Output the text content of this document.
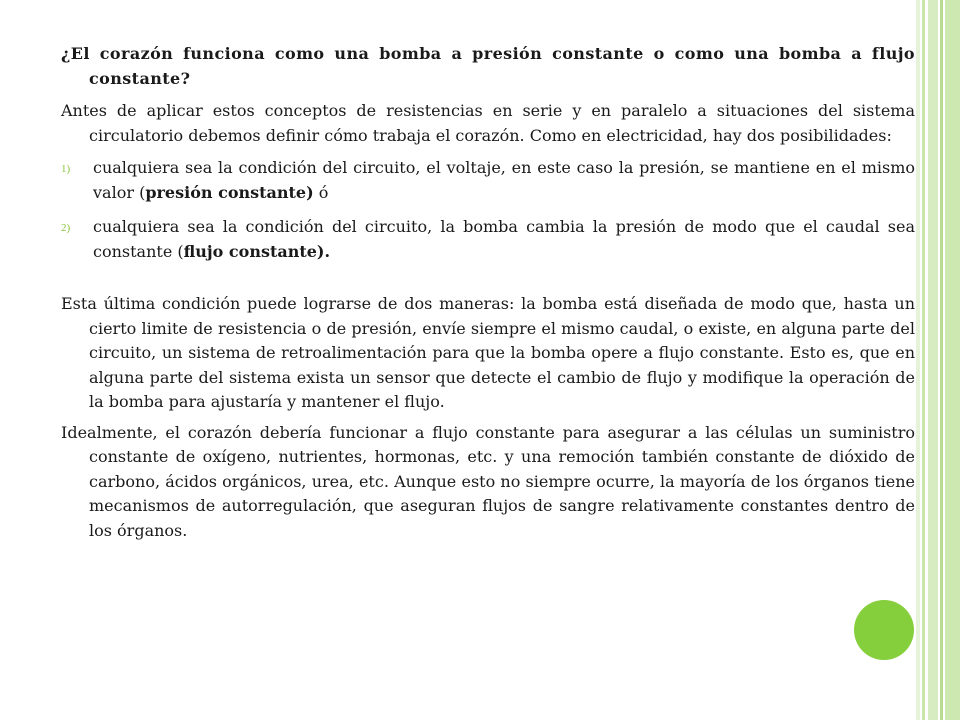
¿El corazón funciona como una bomba a presión constante o como una bomba a flujo constante?

Antes de aplicar estos conceptos de resistencias en serie y en paralelo a situaciones del sistema circulatorio debemos definir cómo trabaja el corazón. Como en electricidad, hay dos posibilidades:

1) cualquiera sea la condición del circuito, el voltaje, en este caso la presión, se mantiene en el mismo valor (presión constante) ó
2) cualquiera sea la condición del circuito, la bomba cambia la presión de modo que el caudal sea constante (flujo constante).

Esta última condición puede lograrse de dos maneras: la bomba está diseñada de modo que, hasta un cierto limite de resistencia o de presión, envíe siempre el mismo caudal, o existe, en alguna parte del circuito, un sistema de retroalimentación para que la bomba opere a flujo constante. Esto es, que en alguna parte del sistema exista un sensor que detecte el cambio de flujo y modifique la operación de la bomba para ajustaría y mantener el flujo.

Idealmente, el corazón debería funcionar a flujo constante para asegurar a las células un suministro constante de oxígeno, nutrientes, hormonas, etc. y una remoción también constante de dióxido de carbono, ácidos orgánicos, urea, etc. Aunque esto no siempre ocurre, la mayoría de los órganos tiene mecanismos de autorregulación, que aseguran flujos de sangre relativamente constantes dentro de los órganos.
